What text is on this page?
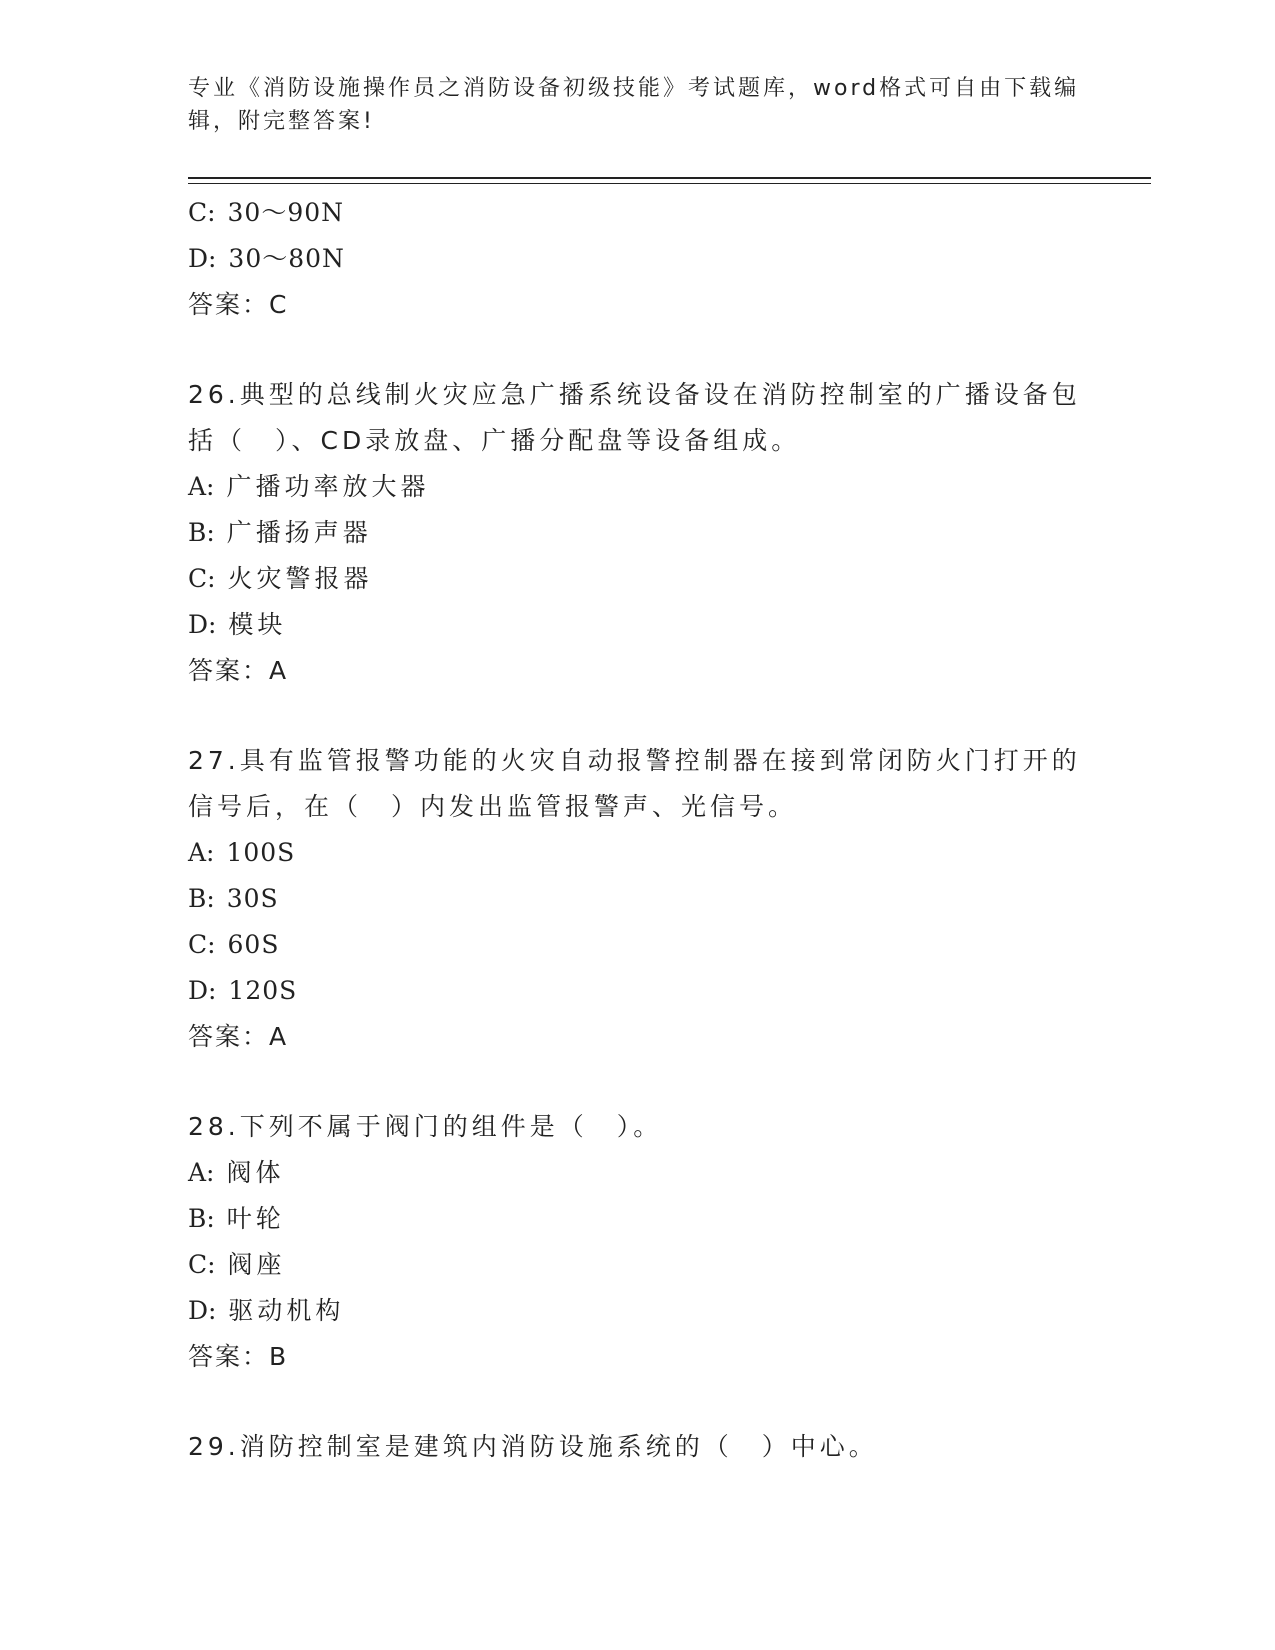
专业《消防设施操作员之消防设备初级技能》考试题库，word格式可自由下载编
辑，附完整答案!
C: 30～90N
D: 30～80N
答案：C
26.典型的总线制火灾应急广播系统设备设在消防控制室的广播设备包
括（　）、CD录放盘、广播分配盘等设备组成。
A: 广播功率放大器
B: 广播扬声器
C: 火灾警报器
D: 模块
答案：A
27.具有监管报警功能的火灾自动报警控制器在接到常闭防火门打开的
信号后，在（　）内发出监管报警声、光信号。
A: 100S
B: 30S
C: 60S
D: 120S
答案：A
28.下列不属于阀门的组件是（　）。
A: 阀体
B: 叶轮
C: 阀座
D: 驱动机构
答案：B
29.消防控制室是建筑内消防设施系统的（　）中心。
